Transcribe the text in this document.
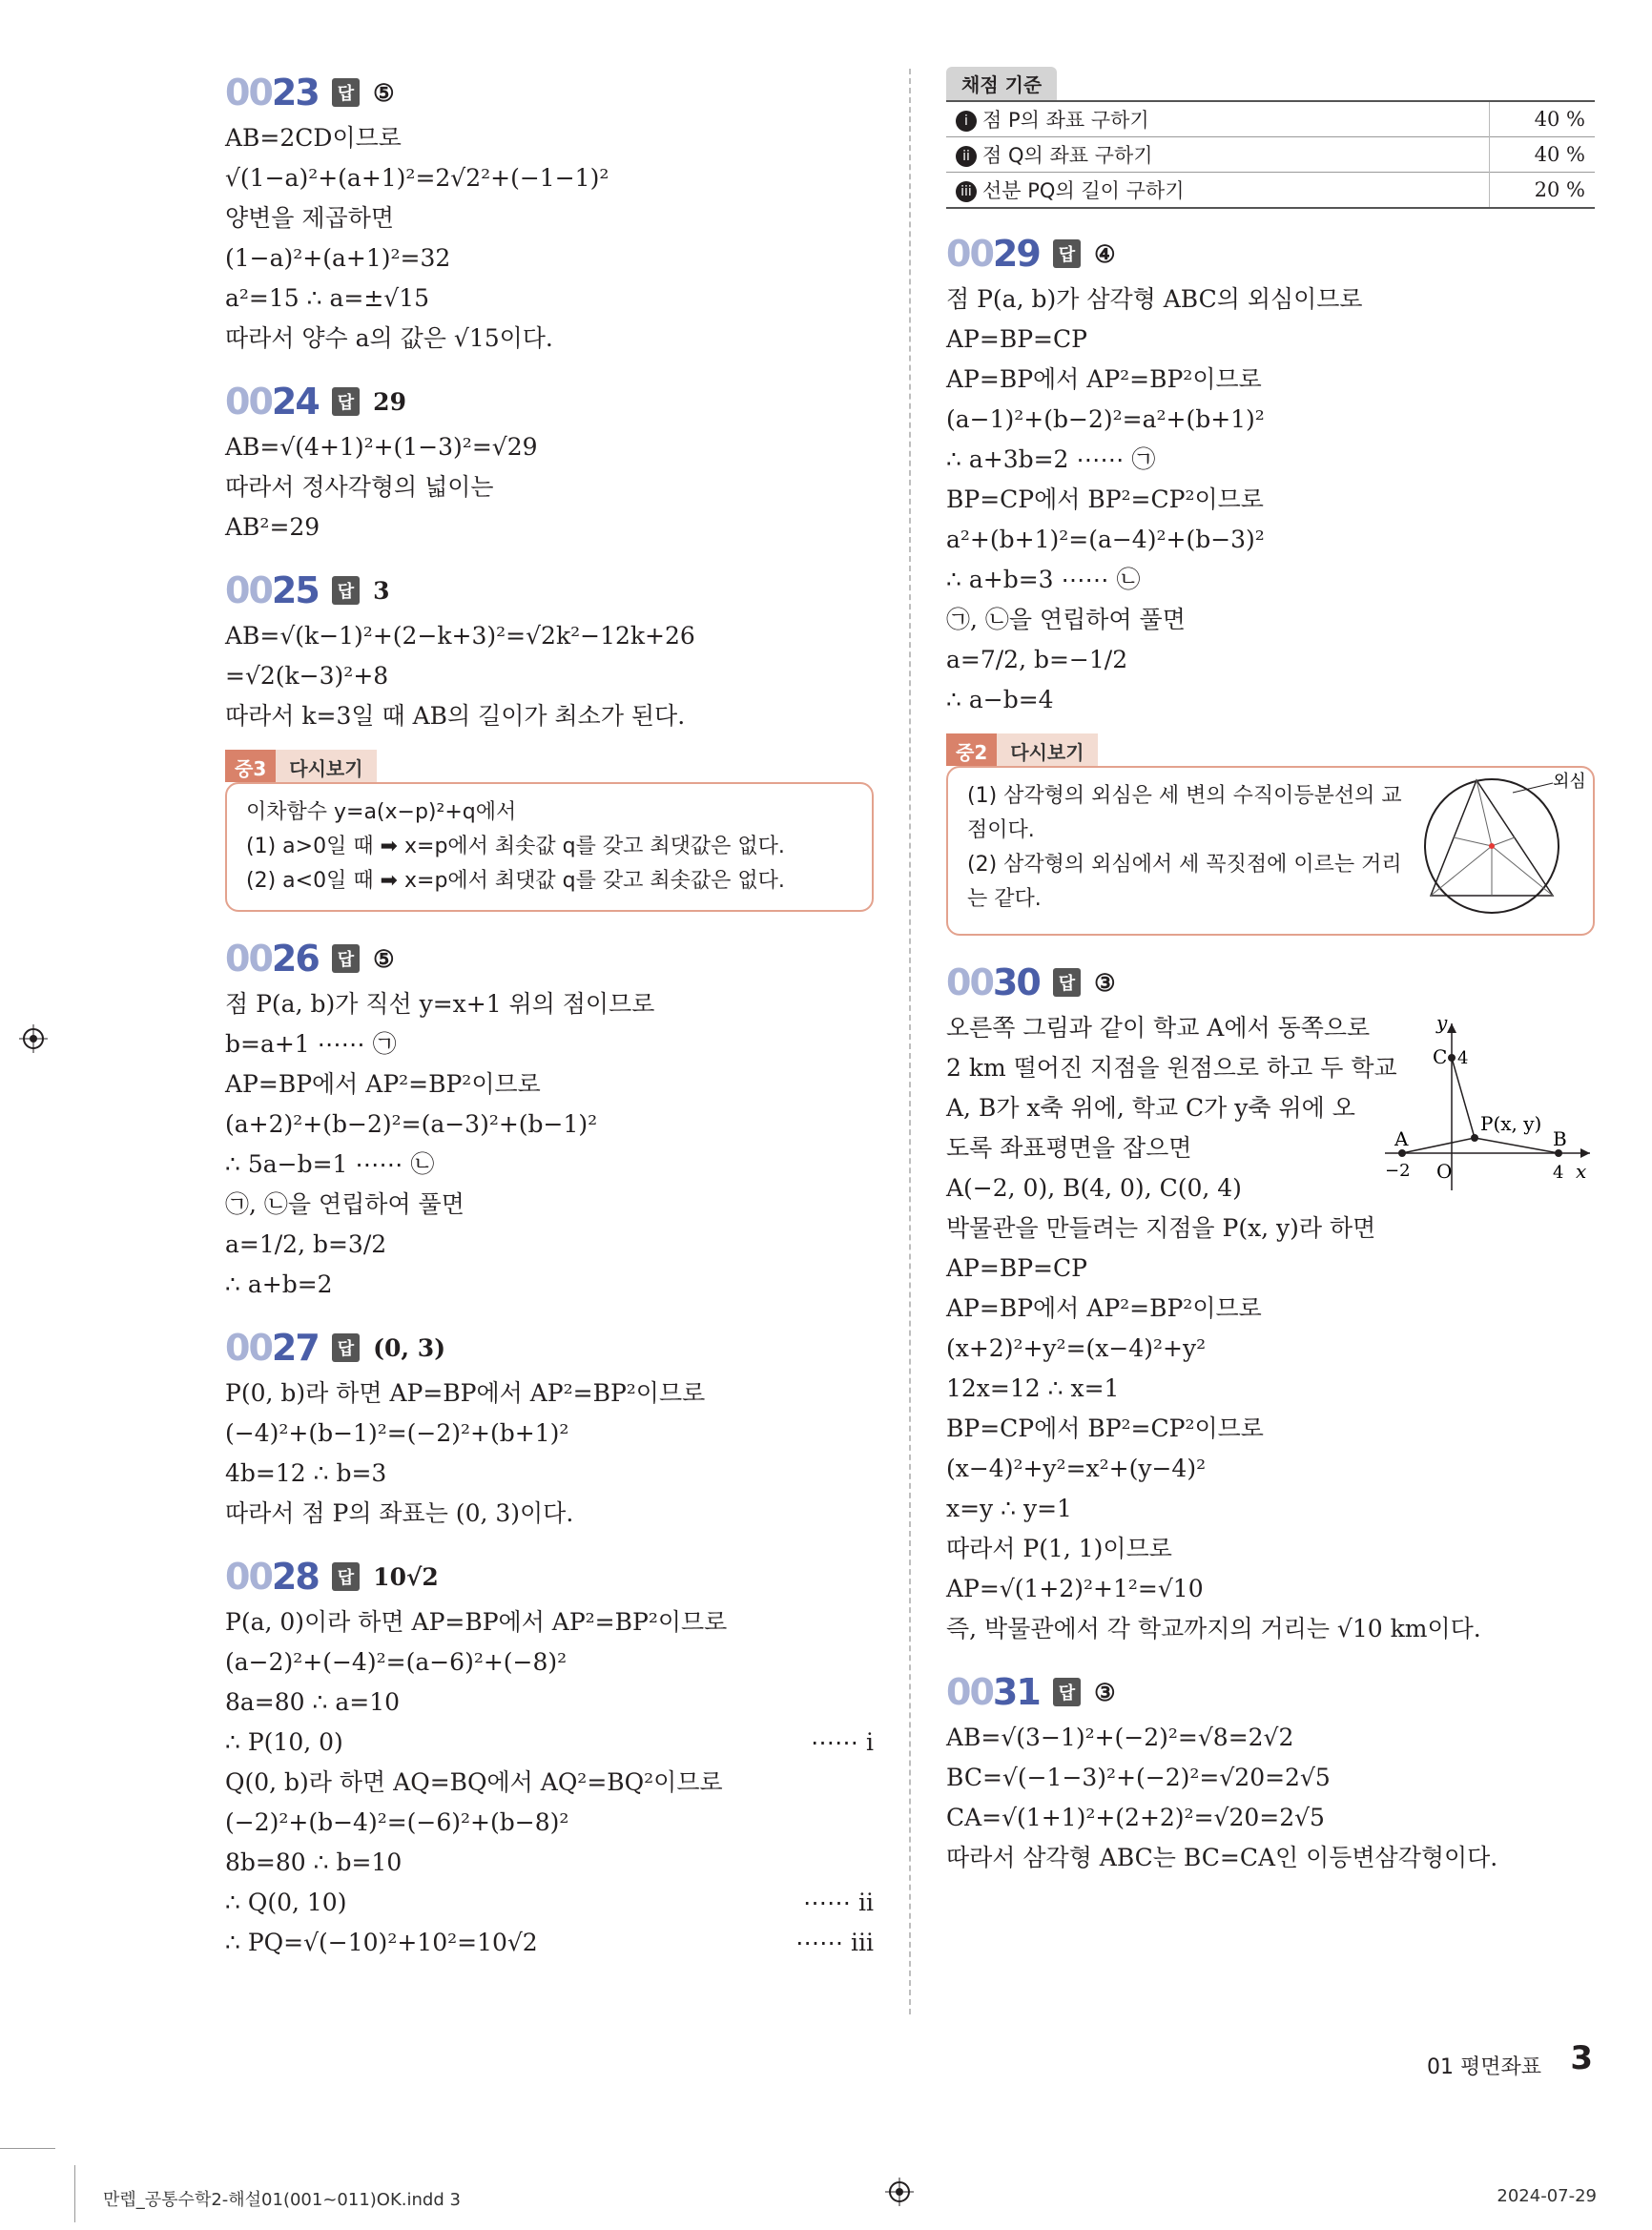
0023	답 ⑤
AB=2CD이므로
√(1−a)²+(a+1)²=2√2²+(−1−1)²
양변을 제곱하면
(1−a)²+(a+1)²=32
a²=15 ∴ a=±√15
따라서 양수 a의 값은 √15이다.
0024	답 29
AB=√(4+1)²+(1−3)²=√29
따라서 정사각형의 넓이는
AB²=29
0025	답 3
AB=√(k−1)²+(2−k+3)²=√2k²−12k+26
=√2(k−3)²+8
따라서 k=3일 때 AB의 길이가 최소가 된다.
중3	다시보기
이차함수 y=a(x−p)²+q에서
(1) a>0일 때 ➡ x=p에서 최솟값 q를 갖고 최댓값은 없다.
(2) a<0일 때 ➡ x=p에서 최댓값 q를 갖고 최솟값은 없다.
0026	답 ⑤
점 P(a, b)가 직선 y=x+1 위의 점이므로
b=a+1 ⋯⋯ ㉠
AP=BP에서 AP²=BP²이므로
(a+2)²+(b−2)²=(a−3)²+(b−1)²
∴ 5a−b=1 ⋯⋯ ㉡
㉠, ㉡을 연립하여 풀면
a=1/2, b=3/2
∴ a+b=2
0027	답 (0, 3)
P(0, b)라 하면 AP=BP에서 AP²=BP²이므로
(−4)²+(b−1)²=(−2)²+(b+1)²
4b=12 ∴ b=3
따라서 점 P의 좌표는 (0, 3)이다.
0028	답 10√2
P(a, 0)이라 하면 AP=BP에서 AP²=BP²이므로
(a−2)²+(−4)²=(a−6)²+(−8)²
8a=80 ∴ a=10
∴ P(10, 0)	⋯⋯ i
Q(0, b)라 하면 AQ=BQ에서 AQ²=BQ²이므로
(−2)²+(b−4)²=(−6)²+(b−8)²
8b=80 ∴ b=10
∴ Q(0, 10)	⋯⋯ ii
∴ PQ=√(−10)²+10²=10√2	⋯⋯ iii
채점 기준
i 점 P의 좌표 구하기	40 %
ii 점 Q의 좌표 구하기	40 %
iii 선분 PQ의 길이 구하기	20 %
0029	답 ④
점 P(a, b)가 삼각형 ABC의 외심이므로
AP=BP=CP
AP=BP에서 AP²=BP²이므로
(a−1)²+(b−2)²=a²+(b+1)²
∴ a+3b=2 ⋯⋯ ㉠
BP=CP에서 BP²=CP²이므로
a²+(b+1)²=(a−4)²+(b−3)²
∴ a+b=3 ⋯⋯ ㉡
㉠, ㉡을 연립하여 풀면
a=7/2, b=−1/2
∴ a−b=4
중2	다시보기
(1) 삼각형의 외심은 세 변의 수직이등분선의 교
점이다.
(2) 삼각형의 외심에서 세 꼭짓점에 이르는 거리
는 같다.
외심
0030	답 ③
y
C 4
P(x, y)
A	B
−2 O	4 x
오른쪽 그림과 같이 학교 A에서 동쪽으로
2 km 떨어진 지점을 원점으로 하고 두 학교
A, B가 x축 위에, 학교 C가 y축 위에 오
도록 좌표평면을 잡으면
A(−2, 0), B(4, 0), C(0, 4)
박물관을 만들려는 지점을 P(x, y)라 하면
AP=BP=CP
AP=BP에서 AP²=BP²이므로
(x+2)²+y²=(x−4)²+y²
12x=12 ∴ x=1
BP=CP에서 BP²=CP²이므로
(x−4)²+y²=x²+(y−4)²
x=y ∴ y=1
따라서 P(1, 1)이므로
AP=√(1+2)²+1²=√10
즉, 박물관에서 각 학교까지의 거리는 √10 km이다.
0031	답 ③
AB=√(3−1)²+(−2)²=√8=2√2
BC=√(−1−3)²+(−2)²=√20=2√5
CA=√(1+1)²+(2+2)²=√20=2√5
따라서 삼각형 ABC는 BC=CA인 이등변삼각형이다.
01 평면좌표 3
만렙_공통수학2-해설01(001~011)OK.indd 3	2024-07-29
